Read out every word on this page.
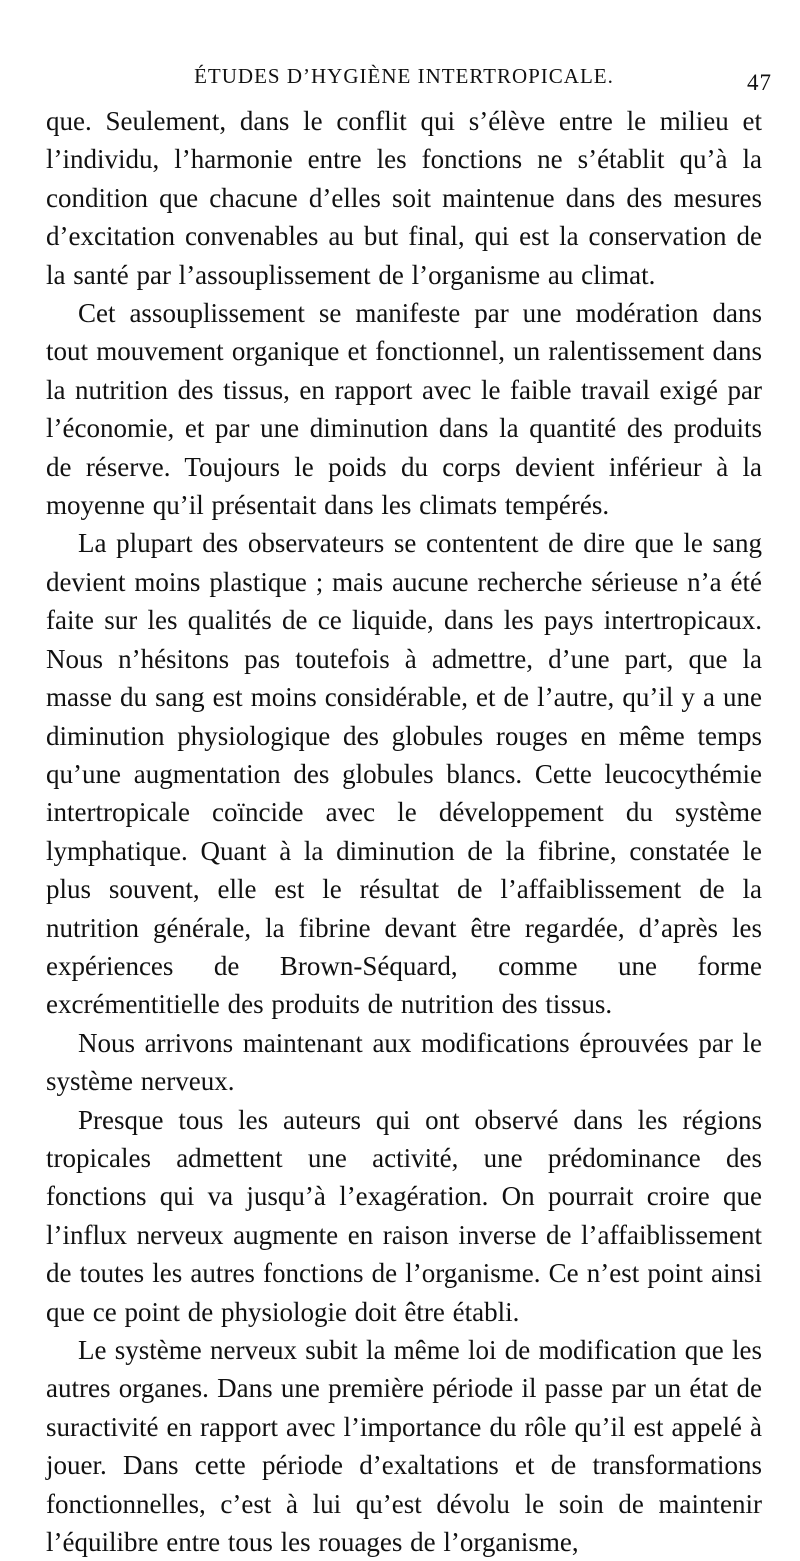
ÉTUDES D’HYGIÈNE INTERTROPICALE.	47

que. Seulement, dans le conflit qui s’élève entre le milieu et l’individu, l’harmonie entre les fonctions ne s’établit qu’à la condition que chacune d’elles soit maintenue dans des mesures d’excitation convenables au but final, qui est la conservation de la santé par l’assouplissement de l’organisme au climat.

Cet assouplissement se manifeste par une modération dans tout mouvement organique et fonctionnel, un ralentissement dans la nutrition des tissus, en rapport avec le faible travail exigé par l’économie, et par une diminution dans la quantité des produits de réserve. Toujours le poids du corps devient inférieur à la moyenne qu’il présentait dans les climats tempérés.

La plupart des observateurs se contentent de dire que le sang devient moins plastique ; mais aucune recherche sérieuse n’a été faite sur les qualités de ce liquide, dans les pays intertropicaux. Nous n’hésitons pas toutefois à admettre, d’une part, que la masse du sang est moins considérable, et de l’autre, qu’il y a une diminution physiologique des globules rouges en même temps qu’une augmentation des globules blancs. Cette leucocythémie intertropicale coïncide avec le développement du système lymphatique. Quant à la diminution de la fibrine, constatée le plus souvent, elle est le résultat de l’affaiblissement de la nutrition générale, la fibrine devant être regardée, d’après les expériences de Brown-Séquard, comme une forme excrémentitielle des produits de nutrition des tissus.

Nous arrivons maintenant aux modifications éprouvées par le système nerveux.

Presque tous les auteurs qui ont observé dans les régions tropicales admettent une activité, une prédominance des fonctions qui va jusqu’à l’exagération. On pourrait croire que l’influx nerveux augmente en raison inverse de l’affaiblissement de toutes les autres fonctions de l’organisme. Ce n’est point ainsi que ce point de physiologie doit être établi.

Le système nerveux subit la même loi de modification que les autres organes. Dans une première période il passe par un état de suractivité en rapport avec l’importance du rôle qu’il est appelé à jouer. Dans cette période d’exaltations et de transformations fonctionnelles, c’est à lui qu’est dévolu le soin de maintenir l’équilibre entre tous les rouages de l’organisme,
